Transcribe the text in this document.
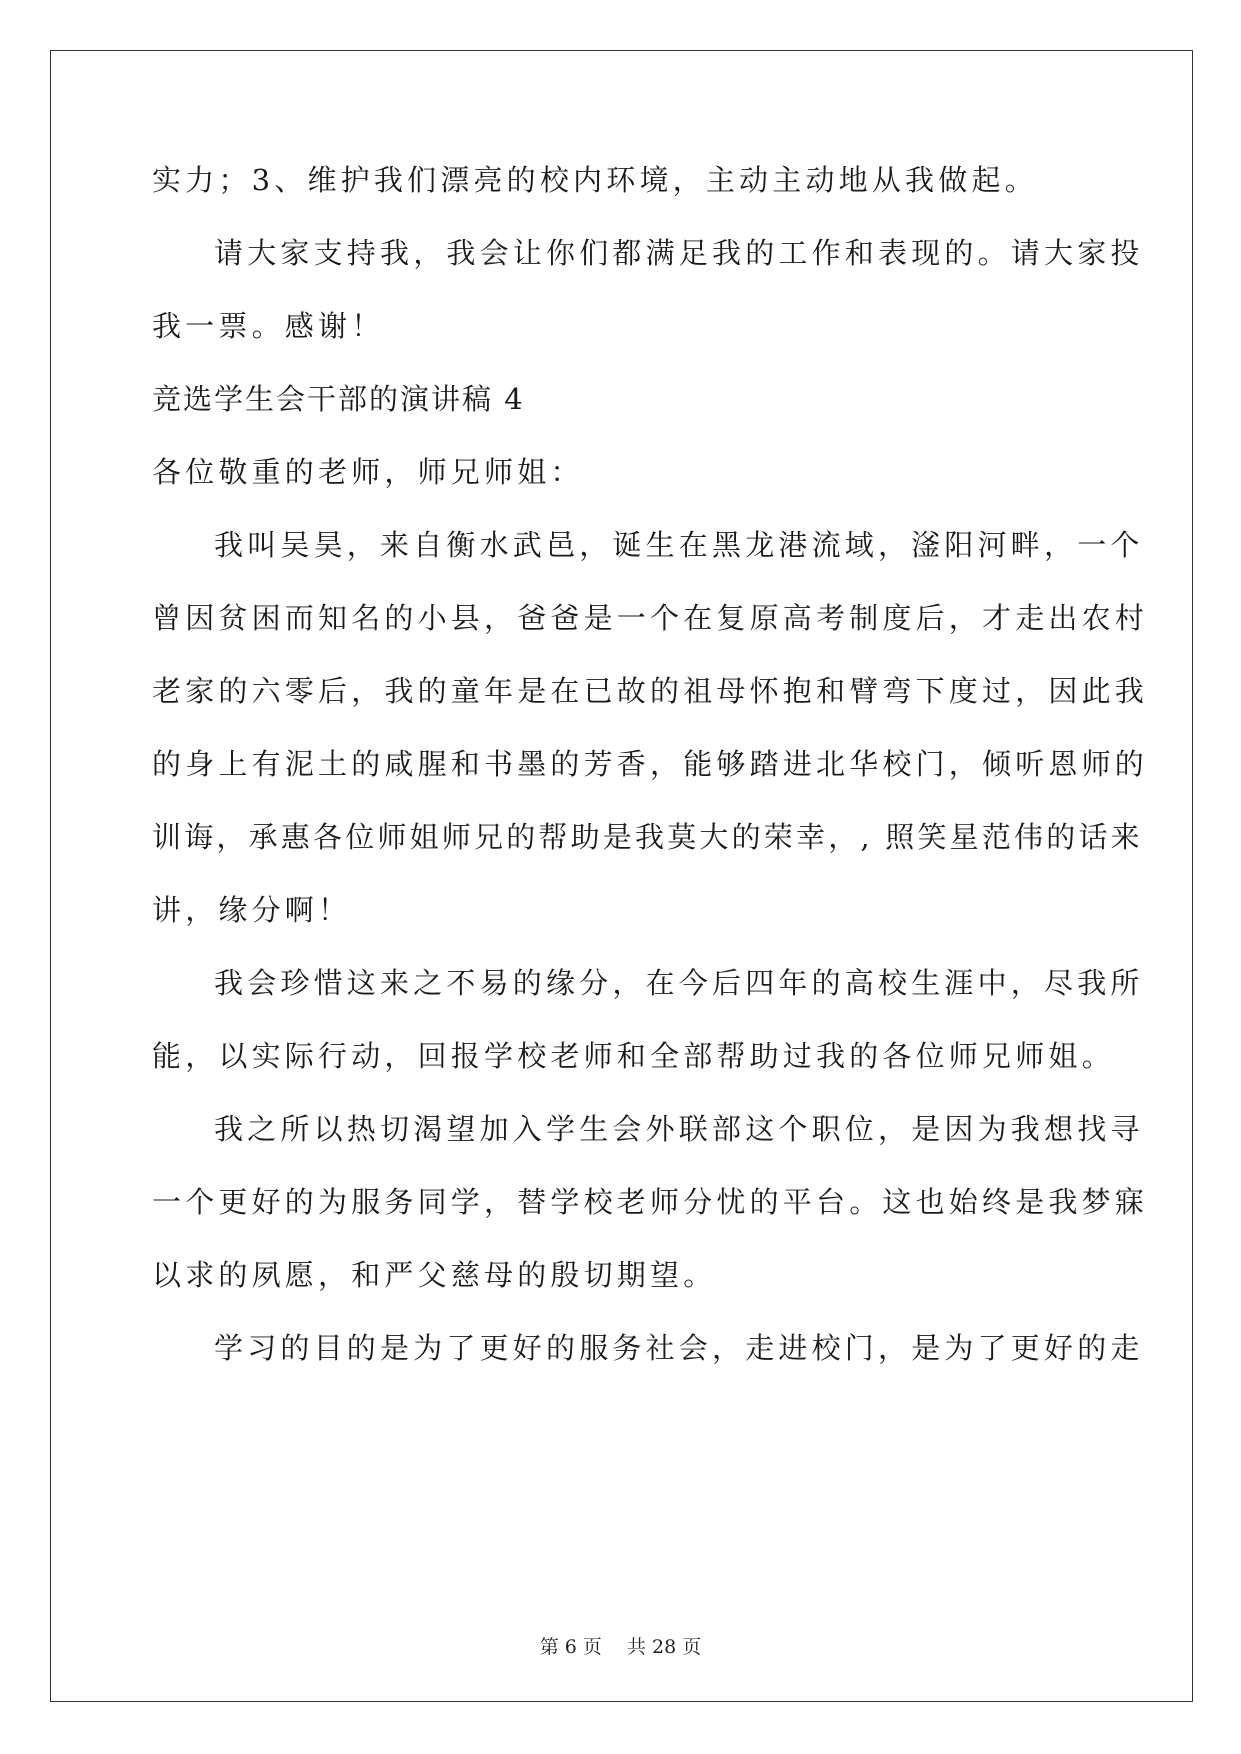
实力；3、维护我们漂亮的校内环境，主动主动地从我做起。
请大家支持我，我会让你们都满足我的工作和表现的。请大家投
我一票。感谢！
竞选学生会干部的演讲稿 4
各位敬重的老师，师兄师姐：
我叫吴昊，来自衡水武邑，诞生在黑龙港流域，滏阳河畔，一个
曾因贫困而知名的小县，爸爸是一个在复原高考制度后，才走出农村
老家的六零后，我的童年是在已故的祖母怀抱和臂弯下度过，因此我
的身上有泥土的咸腥和书墨的芳香，能够踏进北华校门，倾听恩师的
训诲，承惠各位师姐师兄的帮助是我莫大的荣幸，, 照笑星范伟的话来
讲，缘分啊！
我会珍惜这来之不易的缘分，在今后四年的高校生涯中，尽我所
能，以实际行动，回报学校老师和全部帮助过我的各位师兄师姐。
我之所以热切渴望加入学生会外联部这个职位，是因为我想找寻
一个更好的为服务同学，替学校老师分忧的平台。这也始终是我梦寐
以求的夙愿，和严父慈母的殷切期望。
学习的目的是为了更好的服务社会，走进校门，是为了更好的走
第 6 页　 共 28 页
